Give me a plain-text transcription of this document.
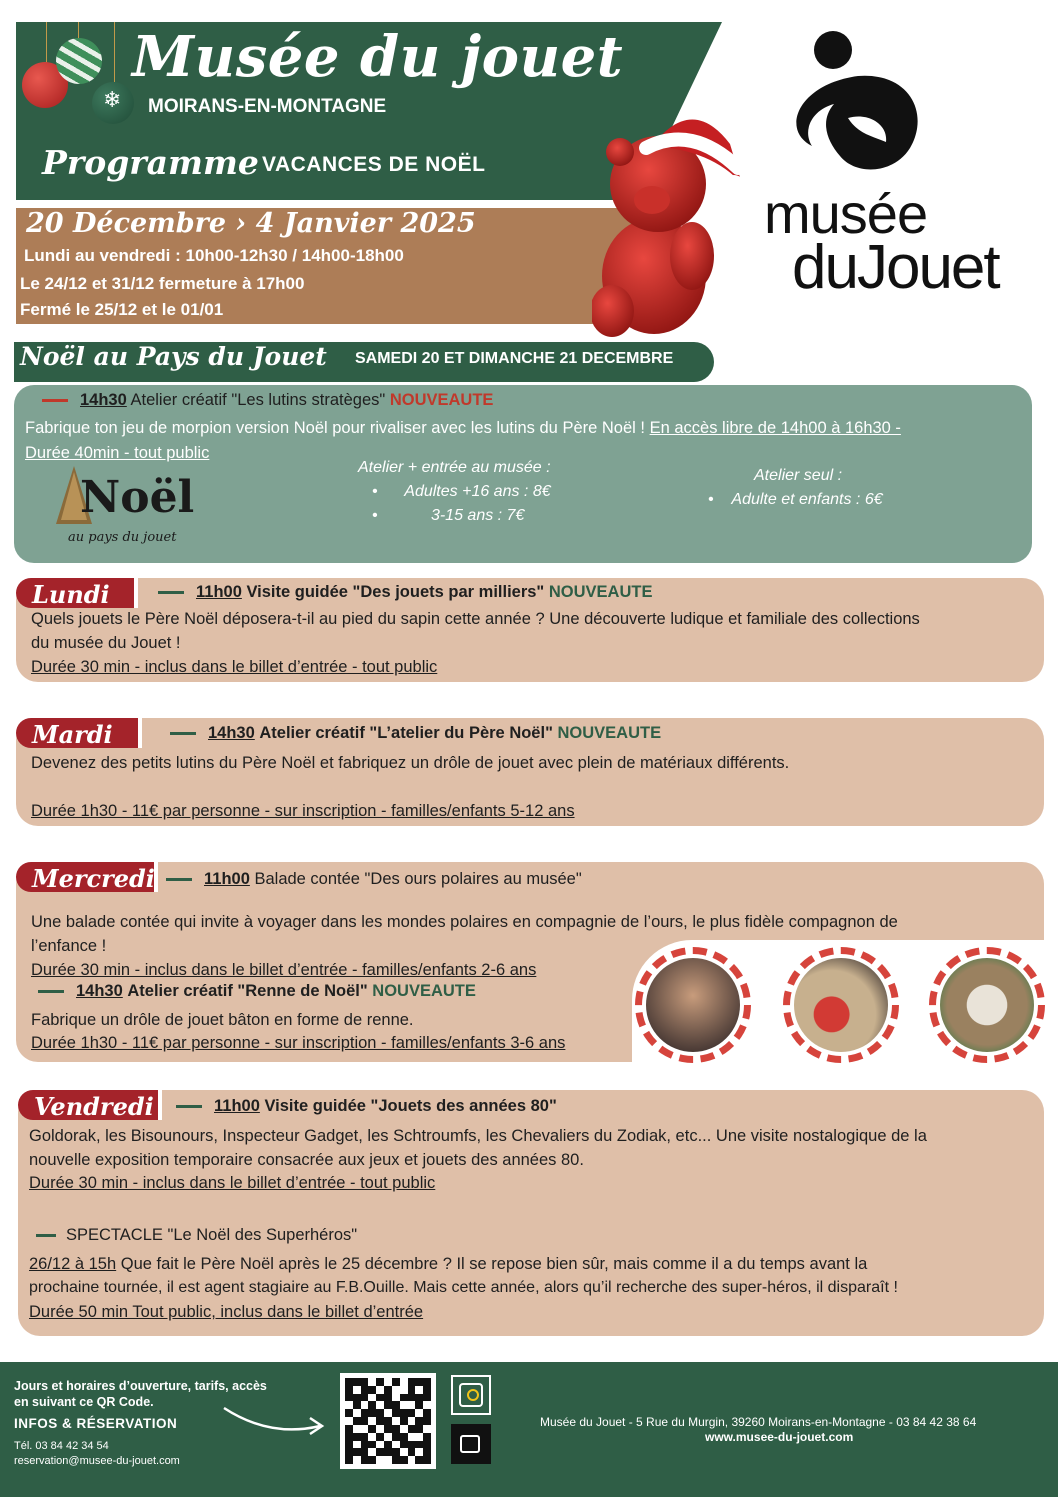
❄
Musée du jouet
MOIRANS-EN-MONTAGNE
Programme VACANCES DE NOËL
20 Décembre › 4 Janvier 2025
Lundi au vendredi : 10h00-12h30 / 14h00-18h00
Le 24/12 et 31/12 fermeture à 17h00
Fermé le 25/12 et le 01/01
musée
duJouet
Noël au Pays du Jouet SAMEDI 20 ET DIMANCHE 21 DECEMBRE
14h30 Atelier créatif "Les lutins stratèges" NOUVEAUTE
Fabrique ton jeu de morpion version Noël pour rivaliser avec les lutins du Père Noël ! En accès libre de 14h00 à 16h30 -
Durée 40min - tout public
Atelier + entrée au musée :
•      Adultes +16 ans : 8€
•            3-15 ans : 7€
Atelier seul :
•    Adulte et enfants : 6€
Noël
au pays du jouet
Lundi	11h00 Visite guidée "Des jouets par milliers" NOUVEAUTE
Quels jouets le Père Noël déposera-t-il au pied du sapin cette année ? Une découverte ludique et familiale des collections
du musée du Jouet !
Durée 30 min - inclus dans le billet d’entrée - tout public
Mardi	14h30 Atelier créatif "L’atelier du Père Noël" NOUVEAUTE
Devenez des petits lutins du Père Noël et fabriquez un drôle de jouet avec plein de matériaux différents.
Durée 1h30 - 11€ par personne - sur inscription - familles/enfants 5-12 ans
Mercredi	11h00 Balade contée "Des ours polaires au musée"
Une balade contée qui invite à voyager dans les mondes polaires en compagnie de l’ours, le plus fidèle compagnon de
l’enfance !
Durée 30 min - inclus dans le billet d’entrée - familles/enfants 2-6 ans
14h30 Atelier créatif "Renne de Noël" NOUVEAUTE
Fabrique un drôle de jouet bâton en forme de renne.
Durée 1h30 - 11€ par personne - sur inscription - familles/enfants 3-6 ans
Vendredi	11h00 Visite guidée "Jouets des années 80"
Goldorak, les Bisounours, Inspecteur Gadget, les Schtroumfs, les Chevaliers du Zodiak, etc... Une visite nostalogique de la
nouvelle exposition temporaire consacrée aux jeux et jouets des années 80.
Durée 30 min - inclus dans le billet d’entrée - tout public
SPECTACLE "Le Noël des Superhéros"
26/12 à 15h Que fait le Père Noël après le 25 décembre ? Il se repose bien sûr, mais comme il a du temps avant la
prochaine tournée, il est agent stagiaire au F.B.Ouille. Mais cette année, alors qu’il recherche des super-héros, il disparaît !
Durée 50 min Tout public, inclus dans le billet d’entrée
Jours et horaires d’ouverture, tarifs, accès
en suivant ce QR Code.
INFOS & RÉSERVATION
Tél. 03 84 42 34 54
reservation@musee-du-jouet.com
Musée du Jouet - 5 Rue du Murgin, 39260 Moirans-en-Montagne - 03 84 42 38 64
www.musee-du-jouet.com
